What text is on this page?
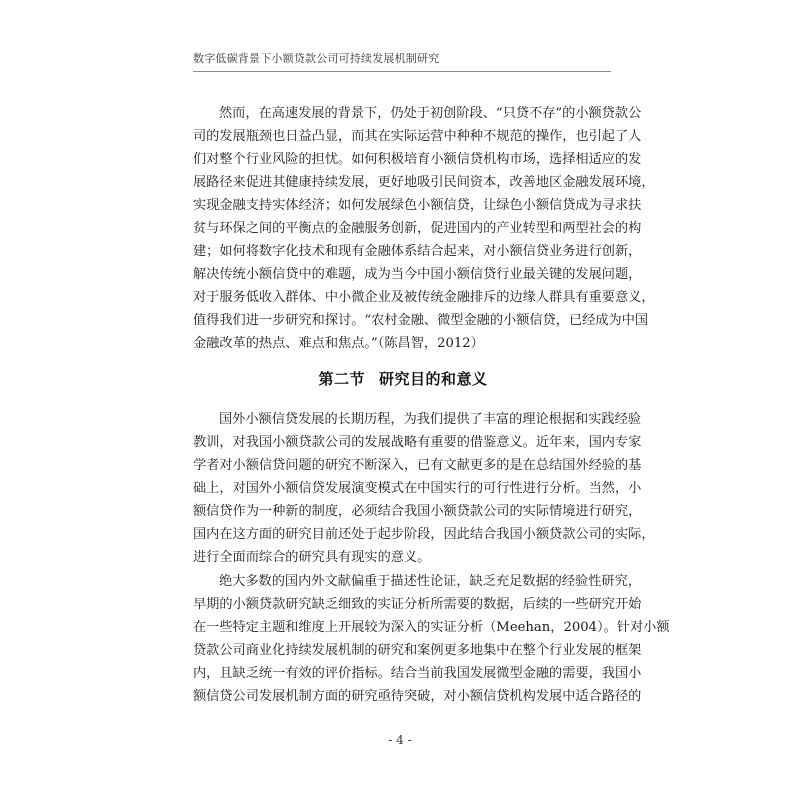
数字低碳背景下小额贷款公司可持续发展机制研究
然而，在高速发展的背景下，仍处于初创阶段、“只贷不存”的小额贷款公
司的发展瓶颈也日益凸显，而其在实际运营中种种不规范的操作，也引起了人
们对整个行业风险的担忧。如何积极培育小额信贷机构市场，选择相适应的发
展路径来促进其健康持续发展，更好地吸引民间资本，改善地区金融发展环境，
实现金融支持实体经济；如何发展绿色小额信贷，让绿色小额信贷成为寻求扶
贫与环保之间的平衡点的金融服务创新，促进国内的产业转型和两型社会的构
建；如何将数字化技术和现有金融体系结合起来，对小额信贷业务进行创新，
解决传统小额信贷中的难题，成为当今中国小额信贷行业最关键的发展问题，
对于服务低收入群体、中小微企业及被传统金融排斥的边缘人群具有重要意义，
值得我们进一步研究和探讨。“农村金融、微型金融的小额信贷，已经成为中国
金融改革的热点、难点和焦点。”（陈昌智，2012）
第二节 研究目的和意义
国外小额信贷发展的长期历程，为我们提供了丰富的理论根据和实践经验
教训，对我国小额贷款公司的发展战略有重要的借鉴意义。近年来，国内专家
学者对小额信贷问题的研究不断深入，已有文献更多的是在总结国外经验的基
础上，对国外小额信贷发展演变模式在中国实行的可行性进行分析。当然，小
额信贷作为一种新的制度，必须结合我国小额贷款公司的实际情境进行研究，
国内在这方面的研究目前还处于起步阶段，因此结合我国小额贷款公司的实际，
进行全面而综合的研究具有现实的意义。
绝大多数的国内外文献偏重于描述性论证，缺乏充足数据的经验性研究，
早期的小额贷款研究缺乏细致的实证分析所需要的数据，后续的一些研究开始
在一些特定主题和维度上开展较为深入的实证分析（Meehan，2004）。针对小额
贷款公司商业化持续发展机制的研究和案例更多地集中在整个行业发展的框架
内，且缺乏统一有效的评价指标。结合当前我国发展微型金融的需要，我国小
额信贷公司发展机制方面的研究亟待突破，对小额信贷机构发展中适合路径的
- 4 -
